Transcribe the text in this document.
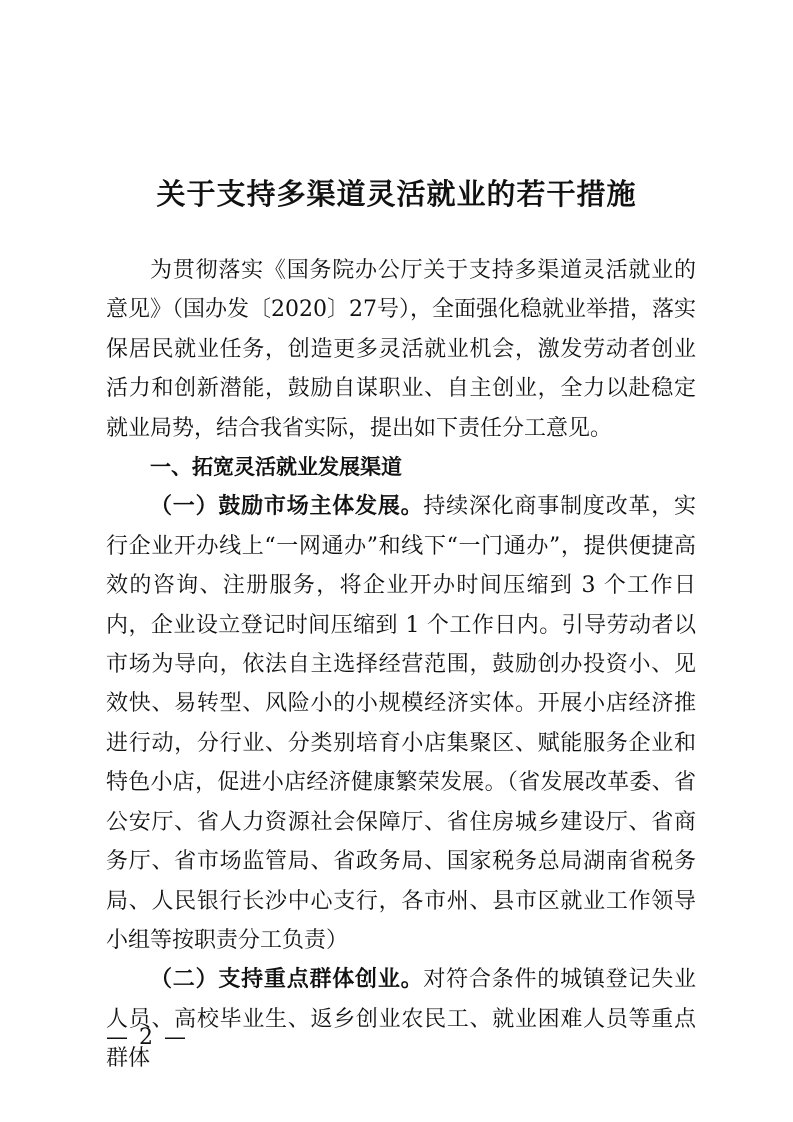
关于支持多渠道灵活就业的若干措施

为贯彻落实《国务院办公厅关于支持多渠道灵活就业的意见》（国办发〔2020〕27号），全面强化稳就业举措，落实保居民就业任务，创造更多灵活就业机会，激发劳动者创业活力和创新潜能，鼓励自谋职业、自主创业，全力以赴稳定就业局势，结合我省实际，提出如下责任分工意见。

一、拓宽灵活就业发展渠道

（一）鼓励市场主体发展。持续深化商事制度改革，实行企业开办线上“一网通办”和线下“一门通办”，提供便捷高效的咨询、注册服务，将企业开办时间压缩到 3 个工作日内，企业设立登记时间压缩到 1 个工作日内。引导劳动者以市场为导向，依法自主选择经营范围，鼓励创办投资小、见效快、易转型、风险小的小规模经济实体。开展小店经济推进行动，分行业、分类别培育小店集聚区、赋能服务企业和特色小店，促进小店经济健康繁荣发展。（省发展改革委、省公安厅、省人力资源社会保障厅、省住房城乡建设厅、省商务厅、省市场监管局、省政务局、国家税务总局湖南省税务局、人民银行长沙中心支行，各市州、县市区就业工作领导小组等按职责分工负责）

（二）支持重点群体创业。对符合条件的城镇登记失业人员、高校毕业生、返乡创业农民工、就业困难人员等重点群体

— 2 —
